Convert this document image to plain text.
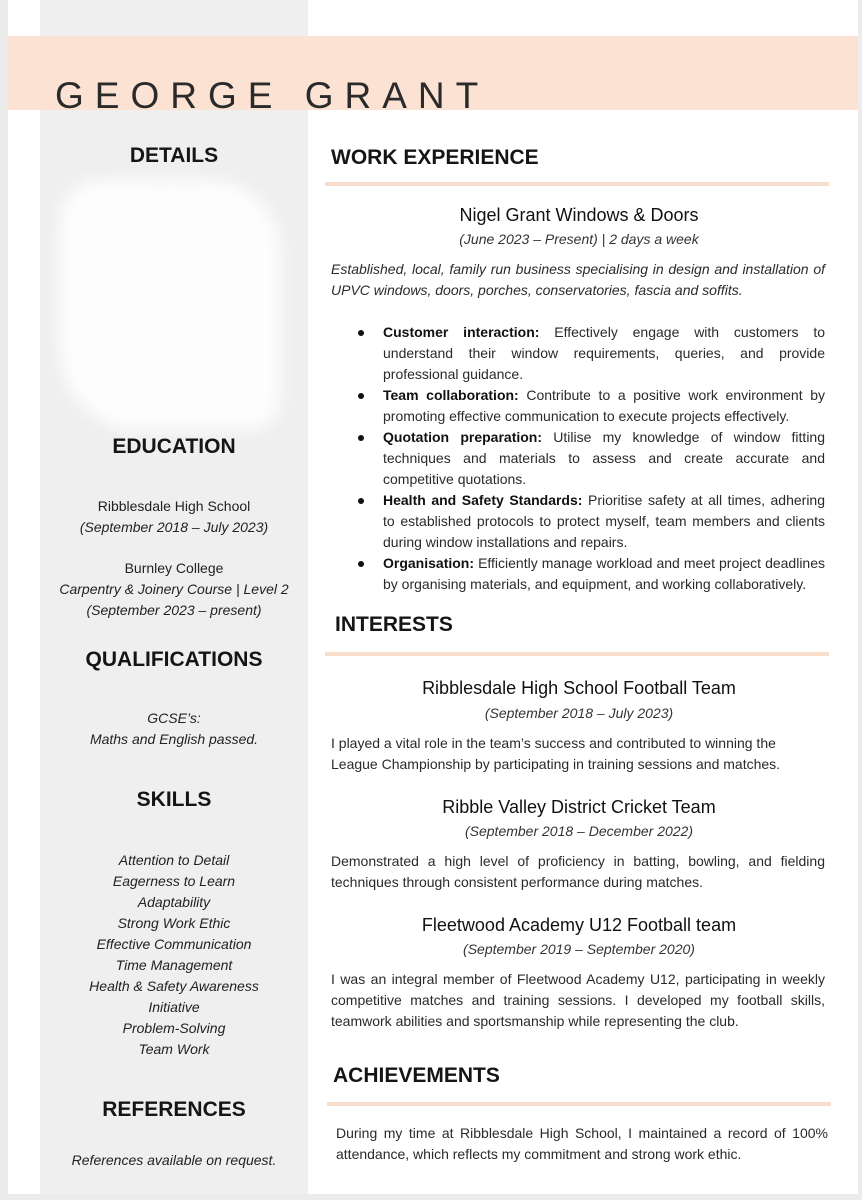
GEORGE GRANT
DETAILS
EDUCATION
Ribblesdale High School
(September 2018 – July 2023)
Burnley College
Carpentry & Joinery Course | Level 2
(September 2023 – present)
QUALIFICATIONS
GCSE’s:
Maths and English passed.
SKILLS
Attention to Detail
Eagerness to Learn
Adaptability
Strong Work Ethic
Effective Communication
Time Management
Health & Safety Awareness
Initiative
Problem-Solving
Team Work
REFERENCES
References available on request.
WORK EXPERIENCE
Nigel Grant Windows & Doors
(June 2023 – Present) | 2 days a week
Established, local, family run business specialising in design and installation of UPVC windows, doors, porches, conservatories, fascia and soffits.
Customer interaction: Effectively engage with customers to understand their window requirements, queries, and provide professional guidance.
Team collaboration: Contribute to a positive work environment by promoting effective communication to execute projects effectively.
Quotation preparation: Utilise my knowledge of window fitting techniques and materials to assess and create accurate and competitive quotations.
Health and Safety Standards: Prioritise safety at all times, adhering to established protocols to protect myself, team members and clients during window installations and repairs.
Organisation: Efficiently manage workload and meet project deadlines by organising materials, and equipment, and working collaboratively.
INTERESTS
Ribblesdale High School Football Team
(September 2018 – July 2023)
I played a vital role in the team’s success and contributed to winning the League Championship by participating in training sessions and matches.
Ribble Valley District Cricket Team
(September 2018 – December 2022)
Demonstrated a high level of proficiency in batting, bowling, and fielding techniques through consistent performance during matches.
Fleetwood Academy U12 Football team
(September 2019 – September 2020)
I was an integral member of Fleetwood Academy U12, participating in weekly competitive matches and training sessions. I developed my football skills, teamwork abilities and sportsmanship while representing the club.
ACHIEVEMENTS
During my time at Ribblesdale High School, I maintained a record of 100% attendance, which reflects my commitment and strong work ethic.
